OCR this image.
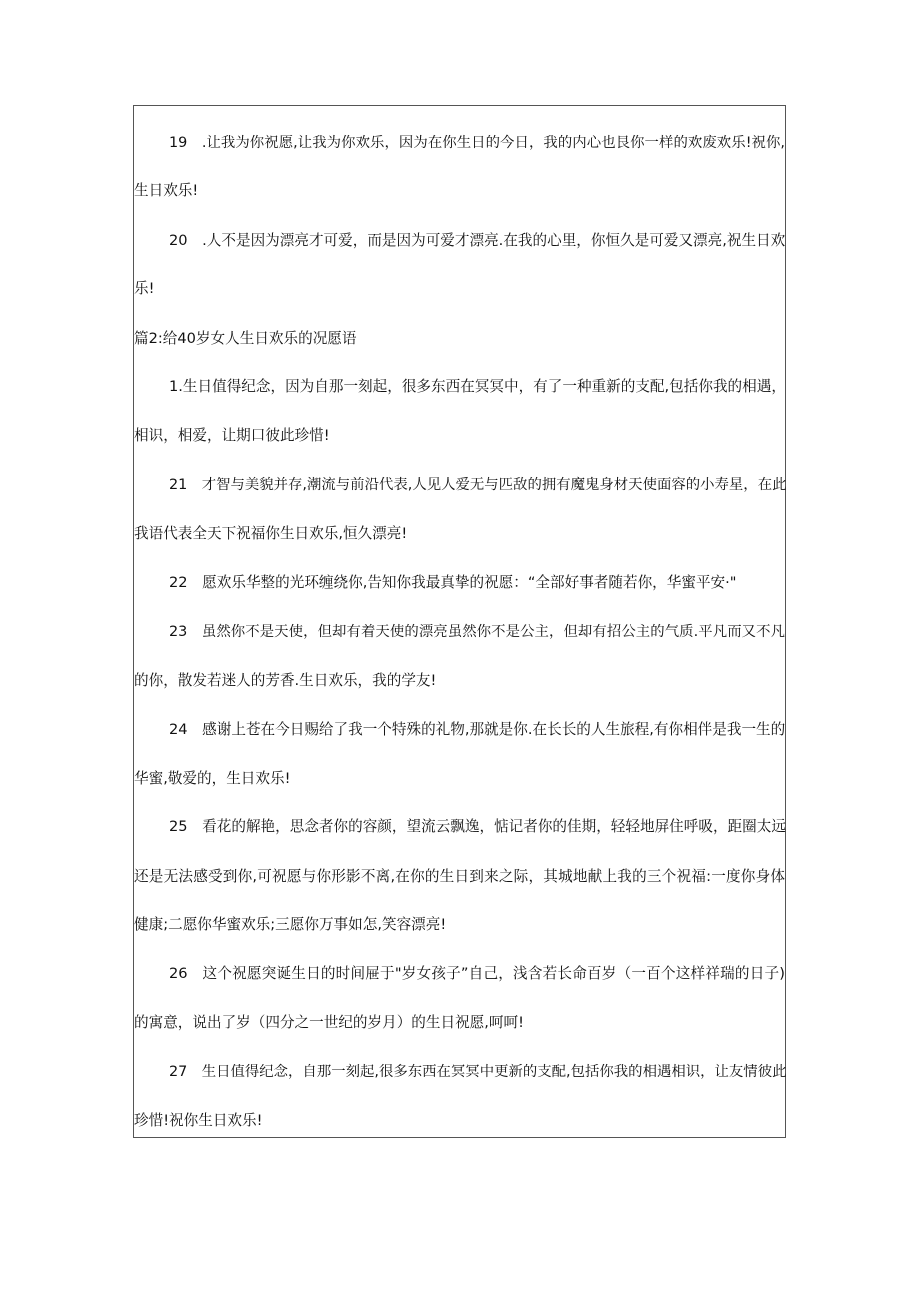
19　.让我为你祝愿,让我为你欢乐，因为在你生日的今日，我的内心也艮你一样的欢废欢乐!祝你,
生日欢乐!
20　.人不是因为漂亮才可爱，而是因为可爱才漂亮.在我的心里，你恒久是可爱又漂亮,祝生日欢
乐!
篇2:给40岁女人生日欢乐的况愿语
1.生日值得纪念，因为自那一刻起，很多东西在冥冥中，有了一种重新的支配,包括你我的相遇，
相识，相爱，让期口彼此珍惜!
21　才智与美貌并存,潮流与前沿代表,人见人爱无与匹敌的拥有魔鬼身材天使面容的小寿星，在此
我语代表全天下祝福你生日欢乐,恒久漂亮!
22　愿欢乐华整的光环缠绕你,告知你我最真挚的祝愿：“全部好事者随若你，华蜜平安·"
23　虽然你不是天使，但却有着天使的漂亮虽然你不是公主，但却有招公主的气质.平凡而又不凡
的你，散发若迷人的芳香.生日欢乐，我的学友!
24　感谢上苍在今日赐给了我一个特殊的礼物,那就是你.在长长的人生旅程,有你相伴是我一生的
华蜜,敬爱的，生日欢乐!
25　看花的解艳，思念者你的容颜，望流云飘逸，惦记者你的佳期，轻轻地屏住呼吸，距圈太远
还是无法感受到你,可祝愿与你形影不离,在你的生日到来之际，其城地献上我的三个祝福:一度你身体
健康;二愿你华蜜欢乐;三愿你万事如怎,笑容漂亮!
26　这个祝愿突诞生日的时间屉于"岁女孩子”自己，浅含若长命百岁（一百个这样祥瑞的日子)
的寓意，说出了岁（四分之一世纪的岁月）的生日祝愿,呵呵!
27　生日值得纪念，自那一刻起,很多东西在冥冥中更新的支配,包括你我的相遇相识，让友情彼此
珍惜!祝你生日欢乐!
